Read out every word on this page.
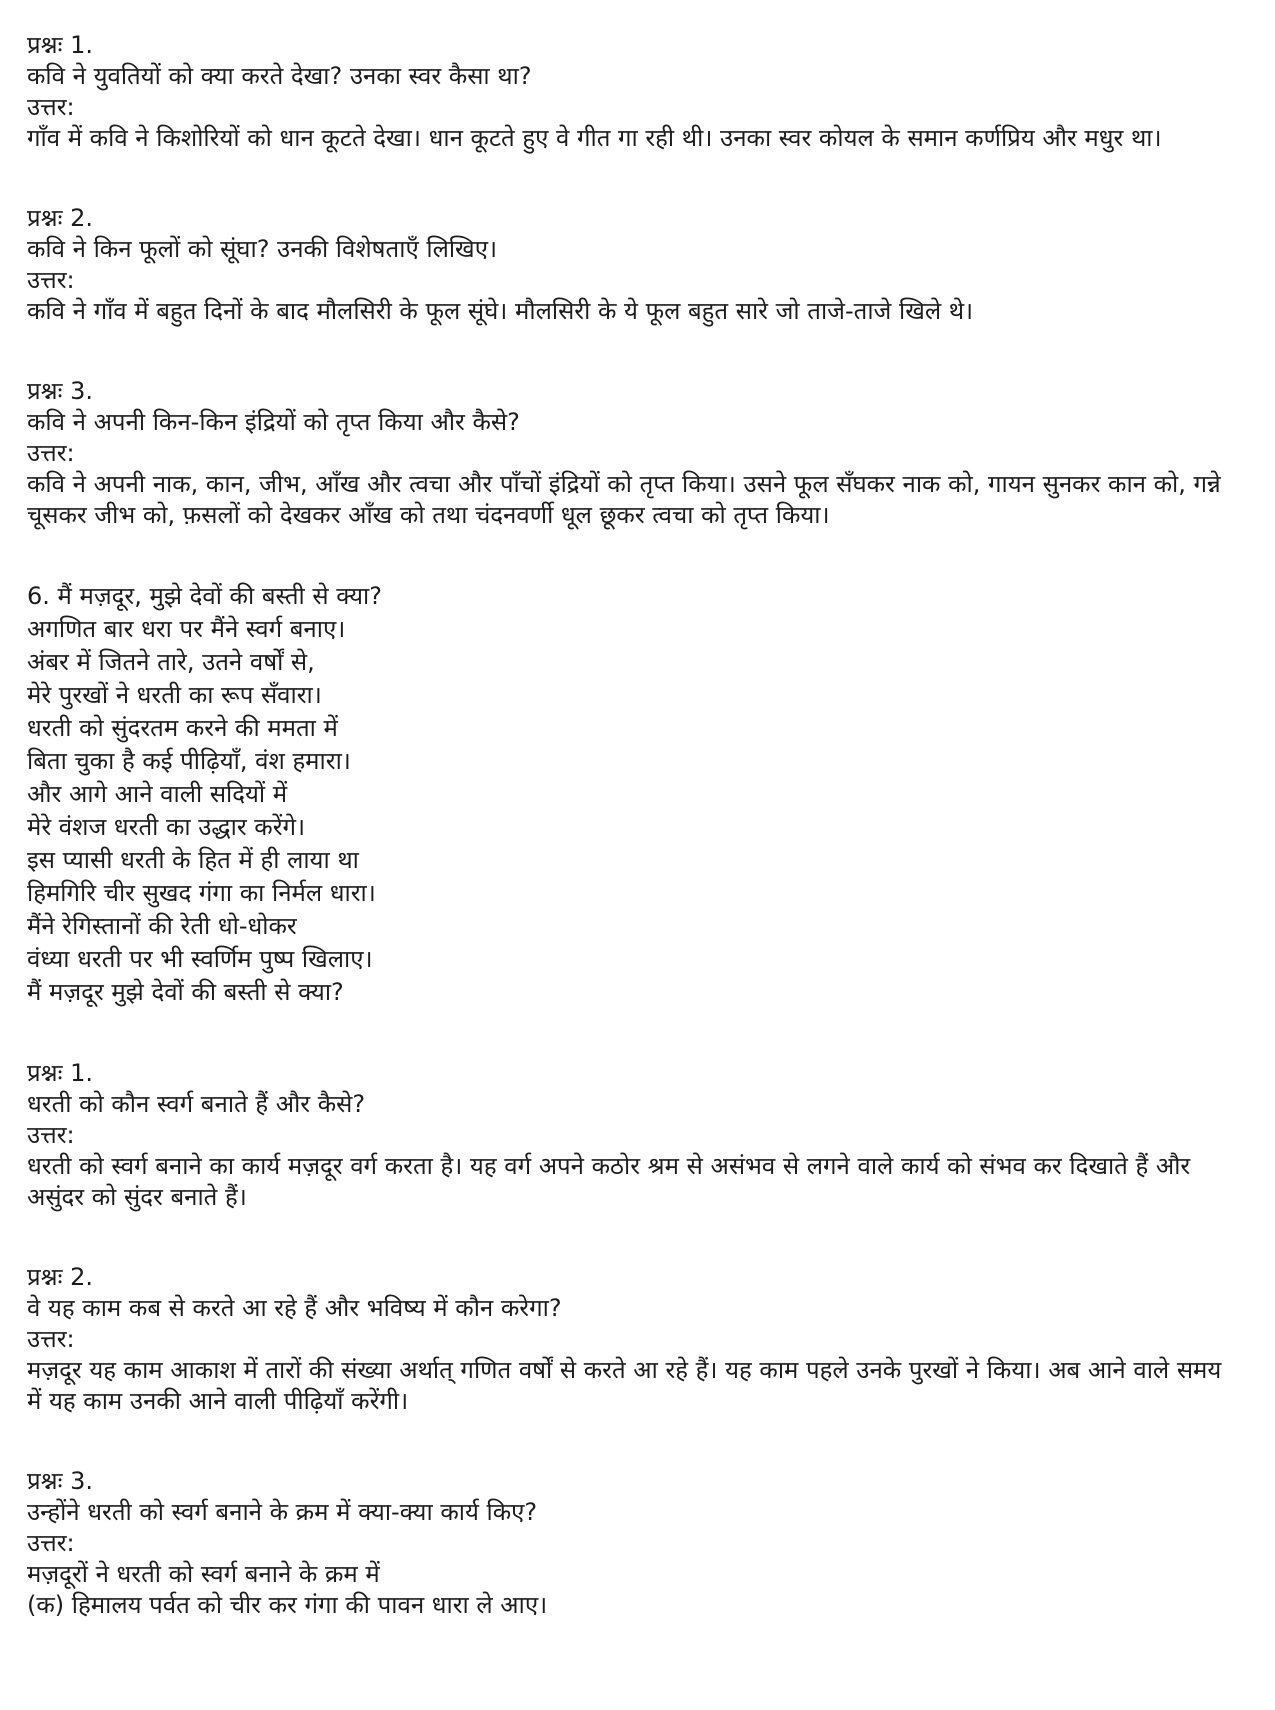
प्रश्नः 1.
कवि ने युवतियों को क्या करते देखा? उनका स्वर कैसा था?
उत्तर:

गाँव में कवि ने किशोरियों को धान कूटते देखा। धान कूटते हुए वे गीत गा रही थी। उनका स्वर कोयल के समान कर्णप्रिय और मधुर था।

प्रश्नः 2.
कवि ने किन फूलों को सूंघा? उनकी विशेषताएँ लिखिए।
उत्तर:

कवि ने गाँव में बहुत दिनों के बाद मौलसिरी के फूल सूंघे। मौलसिरी के ये फूल बहुत सारे जो ताजे-ताजे खिले थे।

प्रश्नः 3.
कवि ने अपनी किन-किन इंद्रियों को तृप्त किया और कैसे?
उत्तर:

कवि ने अपनी नाक, कान, जीभ, आँख और त्वचा और पाँचों इंद्रियों को तृप्त किया। उसने फूल सँघकर नाक को, गायन सुनकर कान को, गन्ने चूसकर जीभ को, फ़सलों को देखकर आँख को तथा चंदनवर्णी धूल छूकर त्वचा को तृप्त किया।

6. मैं मज़दूर, मुझे देवों की बस्ती से क्या?
अगणित बार धरा पर मैंने स्वर्ग बनाए।
अंबर में जितने तारे, उतने वर्षों से,
मेरे पुरखों ने धरती का रूप सँवारा।
धरती को सुंदरतम करने की ममता में
बिता चुका है कई पीढ़ियाँ, वंश हमारा।
और आगे आने वाली सदियों में
मेरे वंशज धरती का उद्धार करेंगे।
इस प्यासी धरती के हित में ही लाया था
हिमगिरि चीर सुखद गंगा का निर्मल धारा।
मैंने रेगिस्तानों की रेती धो-धोकर
वंध्या धरती पर भी स्वर्णिम पुष्प खिलाए।
मैं मज़दूर मुझे देवों की बस्ती से क्या?
प्रश्नः 1.
धरती को कौन स्वर्ग बनाते हैं और कैसे?
उत्तर:

धरती को स्वर्ग बनाने का कार्य मज़दूर वर्ग करता है। यह वर्ग अपने कठोर श्रम से असंभव से लगने वाले कार्य को संभव कर दिखाते हैं और असुंदर को सुंदर बनाते हैं।

प्रश्नः 2.
वे यह काम कब से करते आ रहे हैं और भविष्य में कौन करेगा?
उत्तर:

मज़दूर यह काम आकाश में तारों की संख्या अर्थात् गणित वर्षों से करते आ रहे हैं। यह काम पहले उनके पुरखों ने किया। अब आने वाले समय में यह काम उनकी आने वाली पीढ़ियाँ करेंगी।

प्रश्नः 3.
उन्होंने धरती को स्वर्ग बनाने के क्रम में क्या-क्या कार्य किए?
उत्तर:
मज़दूरों ने धरती को स्वर्ग बनाने के क्रम में
(क) हिमालय पर्वत को चीर कर गंगा की पावन धारा ले आए।
